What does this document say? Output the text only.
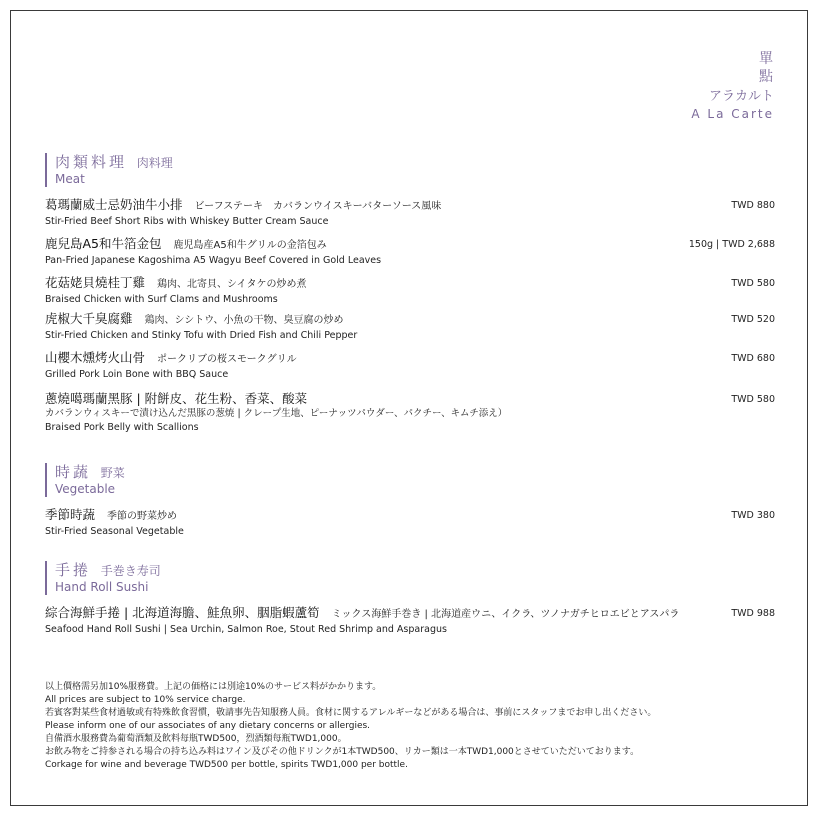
單
點
アラカルト
A La Carte
肉類料理 肉料理
Meat
葛瑪蘭威士忌奶油牛小排 ビーフステーキ　カバランウイスキーバターソース風味
Stir-Fried Beef Short Ribs with Whiskey Butter Cream Sauce
TWD 880
鹿兒島A5和牛箔金包 鹿児島産A5和牛グリルの金箔包み
Pan-Fried Japanese Kagoshima A5 Wagyu Beef Covered in Gold Leaves
150g | TWD 2,688
花菇姥貝燒桂丁雞 鶏肉、北寄貝、シイタケの炒め煮
Braised Chicken with Surf Clams and Mushrooms
TWD 580
虎椒大千臭腐雞 鶏肉、シシトウ、小魚の干物、臭豆腐の炒め
Stir-Fried Chicken and Stinky Tofu with Dried Fish and Chili Pepper
TWD 520
山櫻木燻烤火山骨 ポークリブの桜スモークグリル
Grilled Pork Loin Bone with BBQ Sauce
TWD 680
蔥燒噶瑪蘭黑豚 | 附餅皮、花生粉、香菜、酸菜
カバランウィスキーで漬け込んだ黒豚の葱焼 | クレープ生地、ピーナッツパウダー、パクチー、キムチ添え）
Braised Pork Belly with Scallions
TWD 580
時蔬 野菜
Vegetable
季節時蔬 季節の野菜炒め
Stir-Fried Seasonal Vegetable
TWD 380
手捲 手巻き寿司
Hand Roll Sushi
綜合海鮮手捲 | 北海道海膽、鮭魚卵、胭脂蝦蘆筍 ミックス海鮮手巻き | 北海道産ウニ、イクラ、ツノナガチヒロエビとアスパラ
Seafood Hand Roll Sushi | Sea Urchin, Salmon Roe, Stout Red Shrimp and Asparagus
TWD 988
以上價格需另加10%服務費。上記の価格には別途10%のサービス料がかかります。
All prices are subject to 10% service charge.
若賓客對某些食材過敏或有特殊飲食習慣，敬請事先告知服務人員。食材に関するアレルギーなどがある場合は、事前にスタッフまでお申し出ください。
Please inform one of our associates of any dietary concerns or allergies.
自備酒水服務費為葡萄酒類及飲料每瓶TWD500，烈酒類每瓶TWD1,000。
お飲み物をご持参される場合の持ち込み料はワイン及びその他ドリンクが1本TWD500、リカー類は一本TWD1,000とさせていただいております。
Corkage for wine and beverage TWD500 per bottle, spirits TWD1,000 per bottle.
